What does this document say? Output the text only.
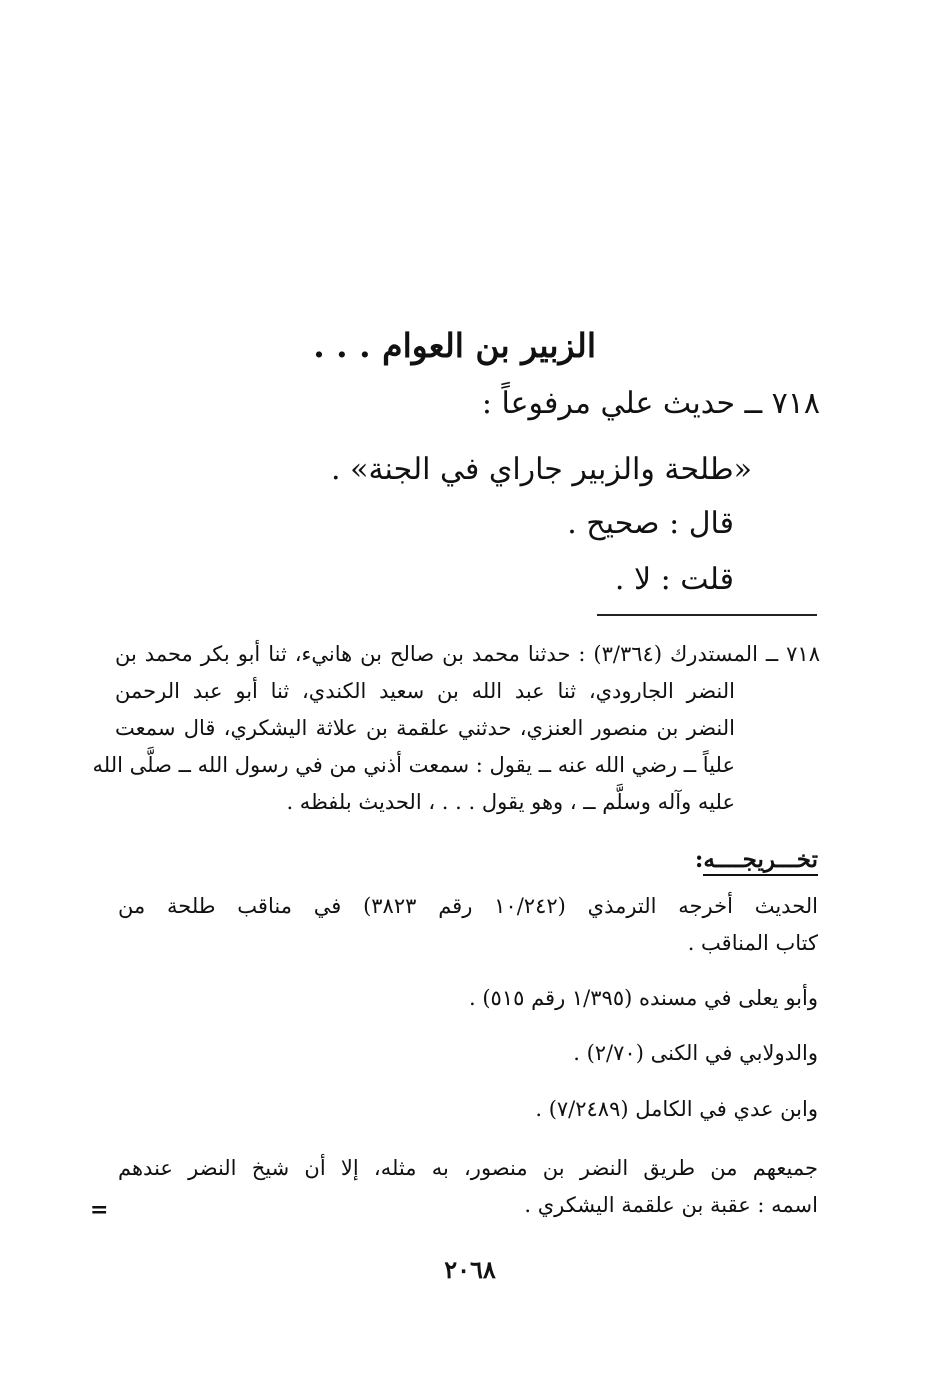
الزبير بن العوام . . .
٧١٨ ــ حديث علي مرفوعاً :
«طلحة والزبير جاراي في الجنة» .
قال : صحيح .
قلت : لا .
٧١٨ ــ المستدرك (٣/٣٦٤) : حدثنا محمد بن صالح بن هانيء، ثنا أبو بكر محمد بن
النضر الجارودي، ثنا عبد الله بن سعيد الكندي، ثنا أبو عبد الرحمن
النضر بن منصور العنزي، حدثني علقمة بن علاثة اليشكري، قال سمعت
علياً ــ رضي الله عنه ــ يقول : سمعت أذني من في رسول الله ــ صلَّى الله
عليه وآله وسلَّم ــ ، وهو يقول . . . ، الحديث بلفظه .
تخـــريجــــه:
الحديث أخرجه الترمذي (١٠/٢٤٢ رقم ٣٨٢٣) في مناقب طلحة من
كتاب المناقب .
وأبو يعلى في مسنده (١/٣٩٥ رقم ٥١٥) .
والدولابي في الكنى (٢/٧٠) .
وابن عدي في الكامل (٧/٢٤٨٩) .
جميعهم من طريق النضر بن منصور، به مثله، إلا أن شيخ النضر عندهم
اسمه : عقبة بن علقمة اليشكري .
=
٢٠٦٨
